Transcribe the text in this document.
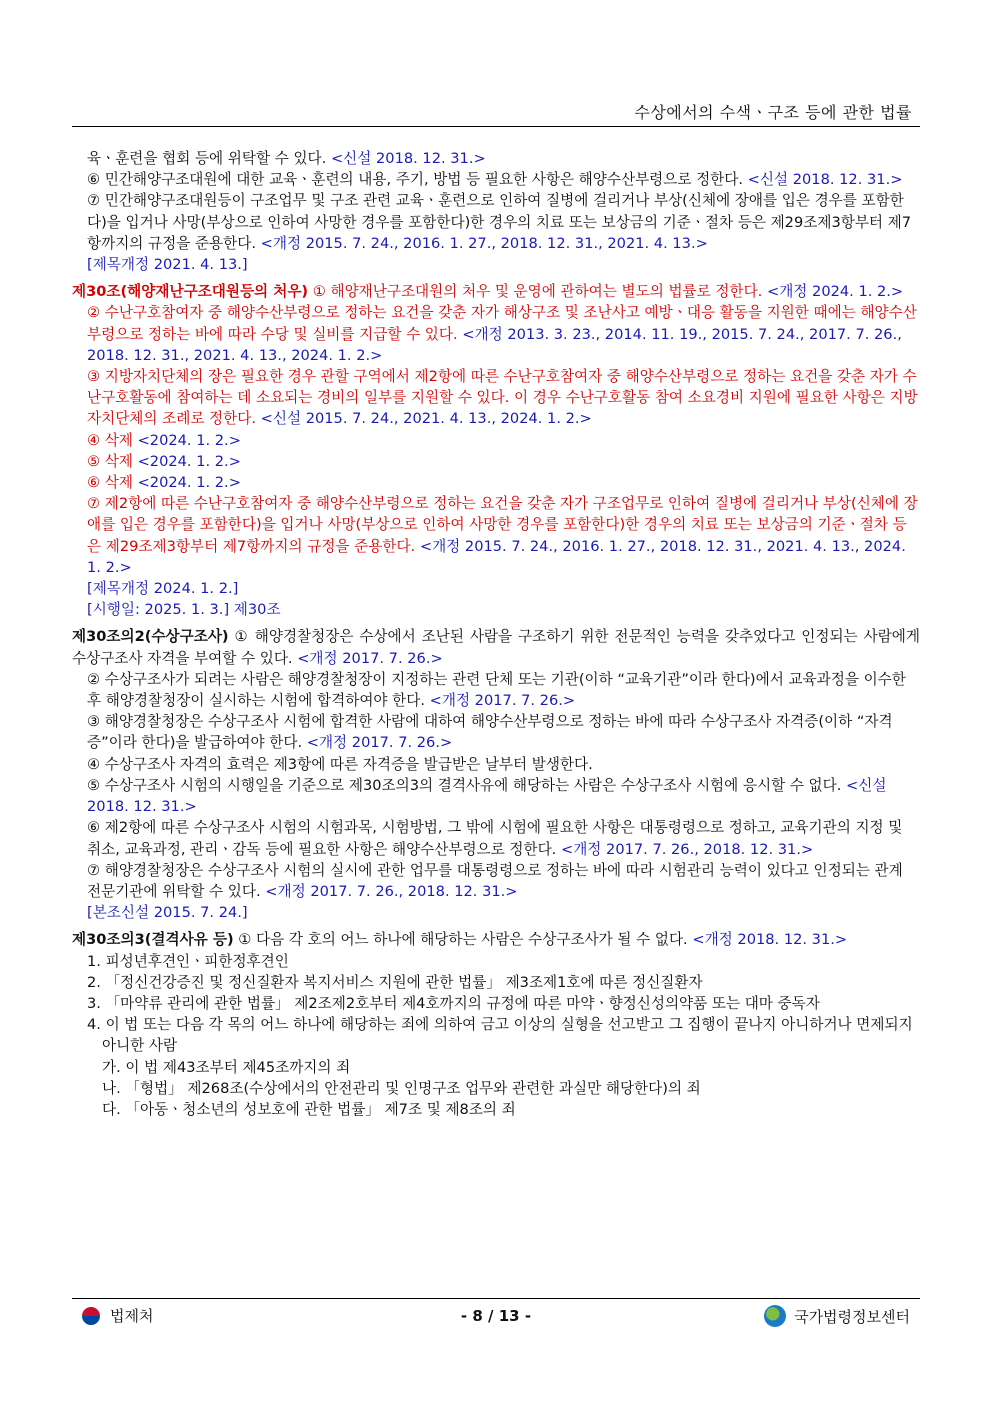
수상에서의 수색ㆍ구조 등에 관한 법률
육ㆍ훈련을 협회 등에 위탁할 수 있다. <신설 2018. 12. 31.>
⑥ 민간해양구조대원에 대한 교육ㆍ훈련의 내용, 주기, 방법 등 필요한 사항은 해양수산부령으로 정한다. <신설 2018. 12. 31.>
⑦ 민간해양구조대원등이 구조업무 및 구조 관련 교육ㆍ훈련으로 인하여 질병에 걸리거나 부상(신체에 장애를 입은 경우를 포함한다)을 입거나 사망(부상으로 인하여 사망한 경우를 포함한다)한 경우의 치료 또는 보상금의 기준ㆍ절차 등은 제29조제3항부터 제7항까지의 규정을 준용한다. <개정 2015. 7. 24., 2016. 1. 27., 2018. 12. 31., 2021. 4. 13.>
[제목개정 2021. 4. 13.]
제30조(해양재난구조대원등의 처우) ① 해양재난구조대원의 처우 및 운영에 관하여는 별도의 법률로 정한다. <개정 2024. 1. 2.>
② 수난구호참여자 중 해양수산부령으로 정하는 요건을 갖춘 자가 해상구조 및 조난사고 예방ㆍ대응 활동을 지원한 때에는 해양수산부령으로 정하는 바에 따라 수당 및 실비를 지급할 수 있다. <개정 2013. 3. 23., 2014. 11. 19., 2015. 7. 24., 2017. 7. 26., 2018. 12. 31., 2021. 4. 13., 2024. 1. 2.>
③ 지방자치단체의 장은 필요한 경우 관할 구역에서 제2항에 따른 수난구호참여자 중 해양수산부령으로 정하는 요건을 갖춘 자가 수난구호활동에 참여하는 데 소요되는 경비의 일부를 지원할 수 있다. 이 경우 수난구호활동 참여 소요경비 지원에 필요한 사항은 지방자치단체의 조례로 정한다. <신설 2015. 7. 24., 2021. 4. 13., 2024. 1. 2.>
④ 삭제 <2024. 1. 2.>
⑤ 삭제 <2024. 1. 2.>
⑥ 삭제 <2024. 1. 2.>
⑦ 제2항에 따른 수난구호참여자 중 해양수산부령으로 정하는 요건을 갖춘 자가 구조업무로 인하여 질병에 걸리거나 부상(신체에 장애를 입은 경우를 포함한다)을 입거나 사망(부상으로 인하여 사망한 경우를 포함한다)한 경우의 치료 또는 보상금의 기준ㆍ절차 등은 제29조제3항부터 제7항까지의 규정을 준용한다. <개정 2015. 7. 24., 2016. 1. 27., 2018. 12. 31., 2021. 4. 13., 2024. 1. 2.>
[제목개정 2024. 1. 2.]
[시행일: 2025. 1. 3.] 제30조
제30조의2(수상구조사) ① 해양경찰청장은 수상에서 조난된 사람을 구조하기 위한 전문적인 능력을 갖추었다고 인정되는 사람에게 수상구조사 자격을 부여할 수 있다. <개정 2017. 7. 26.>
② 수상구조사가 되려는 사람은 해양경찰청장이 지정하는 관련 단체 또는 기관(이하 “교육기관”이라 한다)에서 교육과정을 이수한 후 해양경찰청장이 실시하는 시험에 합격하여야 한다. <개정 2017. 7. 26.>
③ 해양경찰청장은 수상구조사 시험에 합격한 사람에 대하여 해양수산부령으로 정하는 바에 따라 수상구조사 자격증(이하 “자격증”이라 한다)을 발급하여야 한다. <개정 2017. 7. 26.>
④ 수상구조사 자격의 효력은 제3항에 따른 자격증을 발급받은 날부터 발생한다.
⑤ 수상구조사 시험의 시행일을 기준으로 제30조의3의 결격사유에 해당하는 사람은 수상구조사 시험에 응시할 수 없다. <신설 2018. 12. 31.>
⑥ 제2항에 따른 수상구조사 시험의 시험과목, 시험방법, 그 밖에 시험에 필요한 사항은 대통령령으로 정하고, 교육기관의 지정 및 취소, 교육과정, 관리ㆍ감독 등에 필요한 사항은 해양수산부령으로 정한다. <개정 2017. 7. 26., 2018. 12. 31.>
⑦ 해양경찰청장은 수상구조사 시험의 실시에 관한 업무를 대통령령으로 정하는 바에 따라 시험관리 능력이 있다고 인정되는 관계 전문기관에 위탁할 수 있다. <개정 2017. 7. 26., 2018. 12. 31.>
[본조신설 2015. 7. 24.]
제30조의3(결격사유 등) ① 다음 각 호의 어느 하나에 해당하는 사람은 수상구조사가 될 수 없다. <개정 2018. 12. 31.>
1. 피성년후견인ㆍ피한정후견인
2. 「정신건강증진 및 정신질환자 복지서비스 지원에 관한 법률」 제3조제1호에 따른 정신질환자
3. 「마약류 관리에 관한 법률」 제2조제2호부터 제4호까지의 규정에 따른 마약ㆍ향정신성의약품 또는 대마 중독자
4. 이 법 또는 다음 각 목의 어느 하나에 해당하는 죄에 의하여 금고 이상의 실형을 선고받고 그 집행이 끝나지 아니하거나 면제되지 아니한 사람
가. 이 법 제43조부터 제45조까지의 죄
나. 「형법」 제268조(수상에서의 안전관리 및 인명구조 업무와 관련한 과실만 해당한다)의 죄
다. 「아동ㆍ청소년의 성보호에 관한 법률」 제7조 및 제8조의 죄
법제처	- 8 / 13 -	국가법령정보센터
